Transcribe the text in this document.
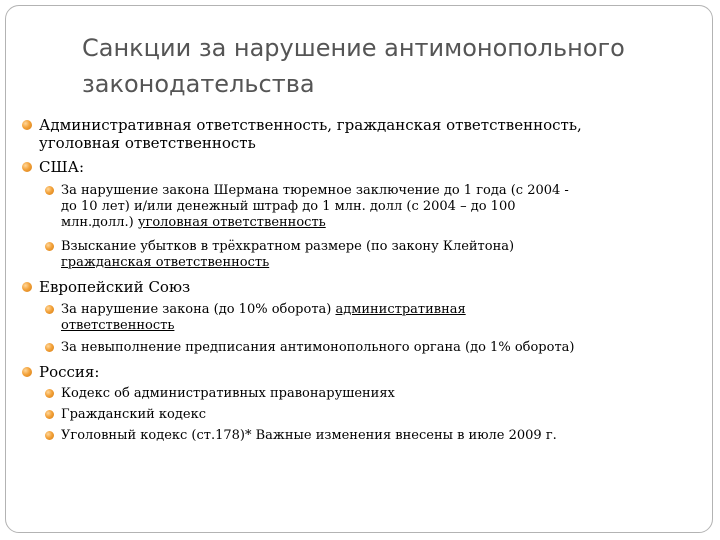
Санкции за нарушение антимонопольного
законодательства
Административная ответственность, гражданская ответственность,
уголовная ответственность
США:
За нарушение закона Шермана тюремное заключение до 1 года (с 2004 -
до 10 лет) и/или денежный штраф до 1 млн. долл (с 2004 – до 100
млн.долл.) уголовная ответственность
Взыскание убытков в трёхкратном размере (по закону Клейтона)
гражданская ответственность
Европейский Союз
За нарушение закона (до 10% оборота) административная
ответственность
За невыполнение предписания антимонопольного органа (до 1% оборота)
Россия:
Кодекс об административных правонарушениях
Гражданский кодекс
Уголовный кодекс (ст.178)* Важные изменения внесены в июле 2009 г.
